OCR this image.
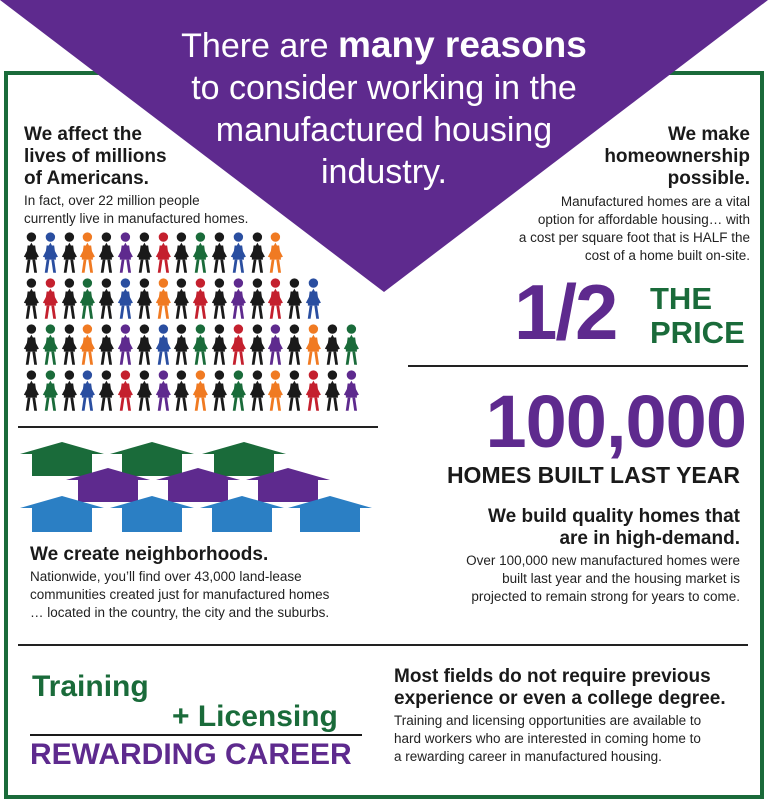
There are many reasons
to consider working in the
manufactured housing
industry.
We affect the
lives of millions
of Americans.
In fact, over 22 million people
currently live in manufactured homes.
We make
homeownership
possible.
Manufactured homes are a vital
option for affordable housing… with
a cost per square foot that is HALF the
cost of a home built on-site.
1/2 THE
PRICE
100,000
HOMES BUILT LAST YEAR
We build quality homes that
are in high-demand.
Over 100,000 new manufactured homes were
built last year and the housing market is
projected to remain strong for years to come.
We create neighborhoods.
Nationwide, you’ll find over 43,000 land-lease
communities created just for manufactured homes
… located in the country, the city and the suburbs.
Training
+ Licensing
REWARDING CAREER
Most fields do not require previous
experience or even a college degree.
Training and licensing opportunities are available to
hard workers who are interested in coming home to
a rewarding career in manufactured housing.
